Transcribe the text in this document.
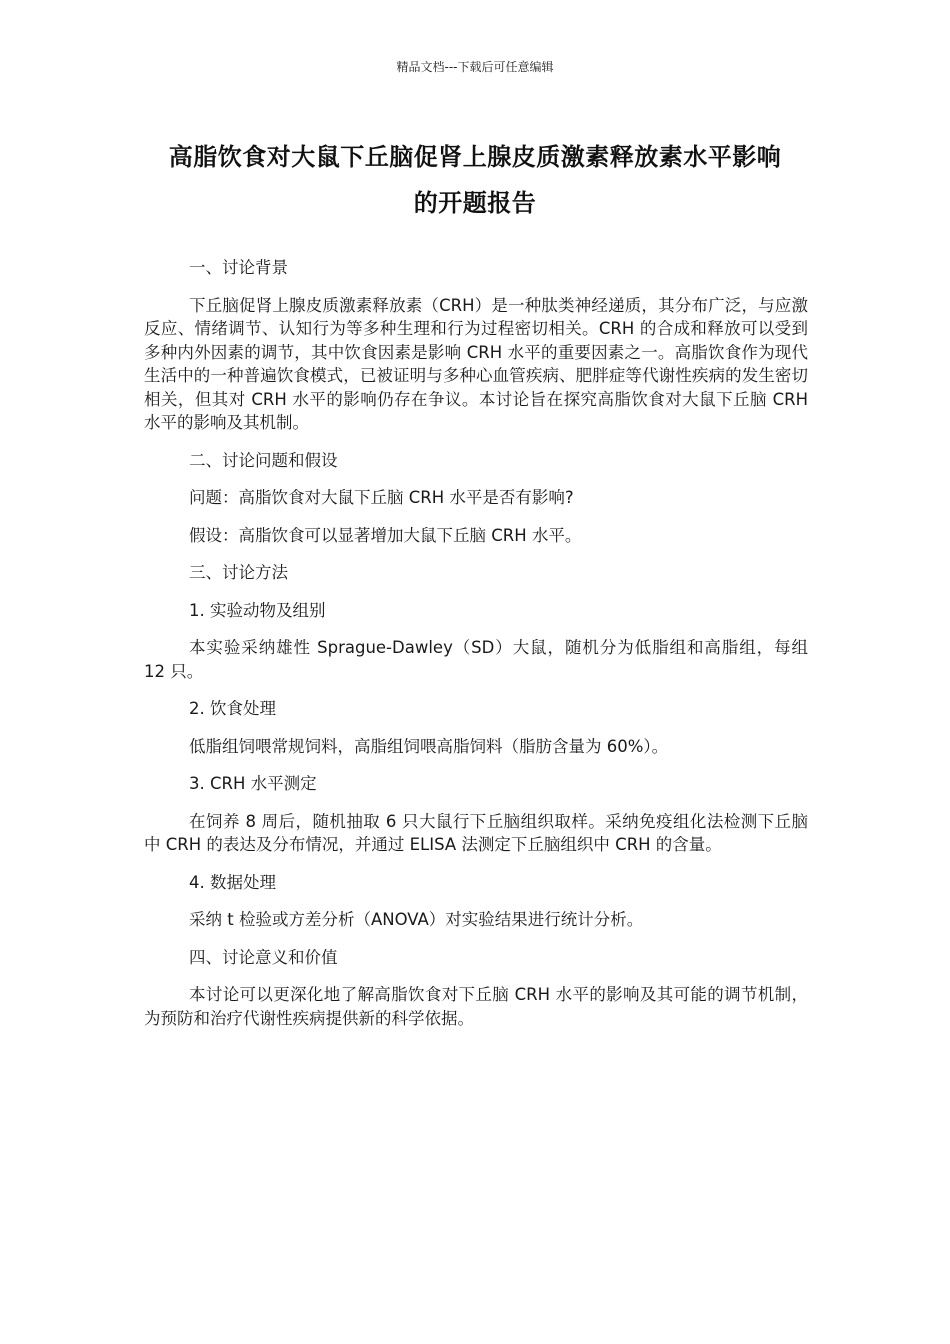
精品文档---下载后可任意编辑
高脂饮食对大鼠下丘脑促肾上腺皮质激素释放素水平影响
的开题报告
一、讨论背景
下丘脑促肾上腺皮质激素释放素（CRH）是一种肽类神经递质，其分布广泛，与应激反应、情绪调节、认知行为等多种生理和行为过程密切相关。CRH 的合成和释放可以受到多种内外因素的调节，其中饮食因素是影响 CRH 水平的重要因素之一。高脂饮食作为现代生活中的一种普遍饮食模式，已被证明与多种心血管疾病、肥胖症等代谢性疾病的发生密切相关，但其对 CRH 水平的影响仍存在争议。本讨论旨在探究高脂饮食对大鼠下丘脑 CRH 水平的影响及其机制。
二、讨论问题和假设
问题：高脂饮食对大鼠下丘脑 CRH 水平是否有影响?
假设：高脂饮食可以显著增加大鼠下丘脑 CRH 水平。
三、讨论方法
1. 实验动物及组别
本实验采纳雄性 Sprague-Dawley（SD）大鼠，随机分为低脂组和高脂组，每组 12 只。
2. 饮食处理
低脂组饲喂常规饲料，高脂组饲喂高脂饲料（脂肪含量为 60%）。
3. CRH 水平测定
在饲养 8 周后，随机抽取 6 只大鼠行下丘脑组织取样。采纳免疫组化法检测下丘脑中 CRH 的表达及分布情况，并通过 ELISA 法测定下丘脑组织中 CRH 的含量。
4. 数据处理
采纳 t 检验或方差分析（ANOVA）对实验结果进行统计分析。
四、讨论意义和价值
本讨论可以更深化地了解高脂饮食对下丘脑 CRH 水平的影响及其可能的调节机制，为预防和治疗代谢性疾病提供新的科学依据。
